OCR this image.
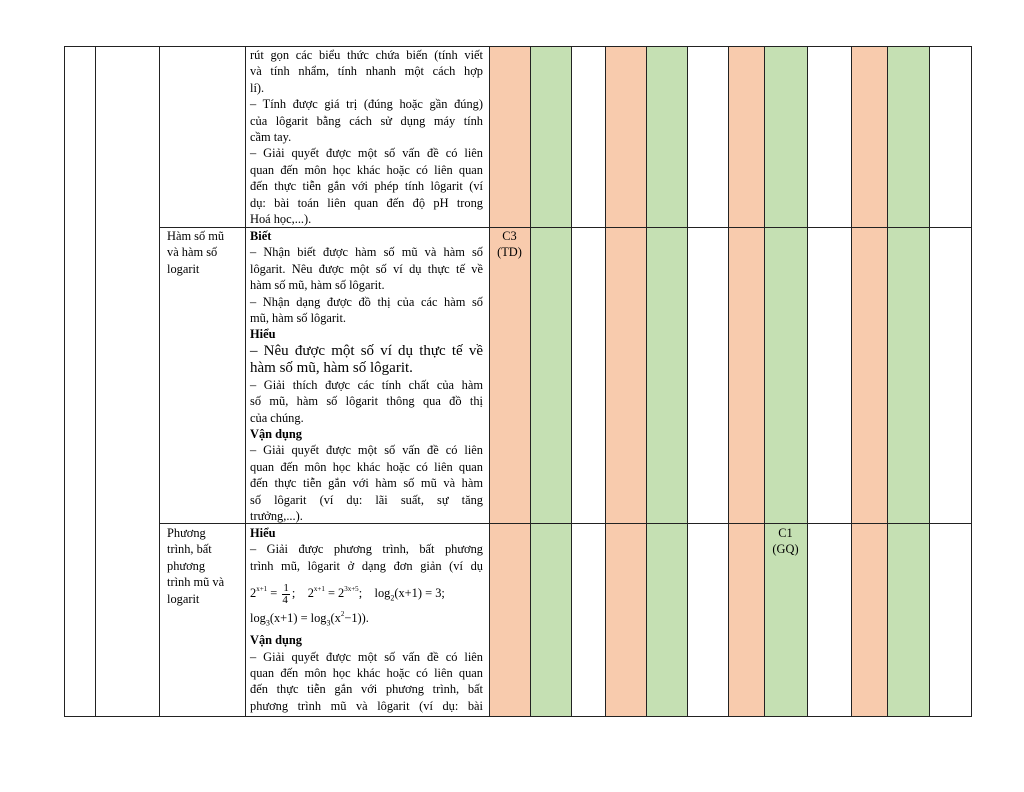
rút gọn các biểu thức chứa biến (tính viết
và tính nhẩm, tính nhanh một cách hợp
lí).
– Tính được giá trị (đúng hoặc gần đúng)
của lôgarit bằng cách sử dụng máy tính
cầm tay.
– Giải quyết được một số vấn đề có liên
quan đến môn học khác hoặc có liên quan
đến thực tiễn gắn với phép tính lôgarit (ví
dụ: bài toán liên quan đến độ pH trong
Hoá học,...).
Hàm số mũ
và hàm số
logarit
Biết
– Nhận biết được hàm số mũ và hàm số
lôgarit. Nêu được một số ví dụ thực tế về
hàm số mũ, hàm số lôgarit.
– Nhận dạng được đồ thị của các hàm số
mũ, hàm số lôgarit.
Hiểu
– Nêu được một số ví dụ thực tế về
hàm số mũ, hàm số lôgarit.
– Giải thích được các tính chất của hàm
số mũ, hàm số lôgarit thông qua đồ thị
của chúng.
Vận dụng
– Giải quyết được một số vấn đề có liên
quan đến môn học khác hoặc có liên quan
đến thực tiễn gắn với hàm số mũ và hàm
số lôgarit (ví dụ: lãi suất, sự tăng
trưởng,...).
C3
(TD)
Phương
trình, bất
phương
trình mũ và
logarit
Hiểu
– Giải được phương trình, bất phương
trình mũ, lôgarit ở dạng đơn giản (ví dụ
$2^{x+1} = \frac{1}{4}$ ;    $2^{x+1} = 2^{3x+5}$;    $\log_2(x+1) = 3$;
$\log_3(x+1) = \log_3(x^2-1)$).
Vận dụng
– Giải quyết được một số vấn đề có liên
quan đến môn học khác hoặc có liên quan
đến thực tiễn gắn với phương trình, bất
phương trình mũ và lôgarit (ví dụ: bài
C1
(GQ)
